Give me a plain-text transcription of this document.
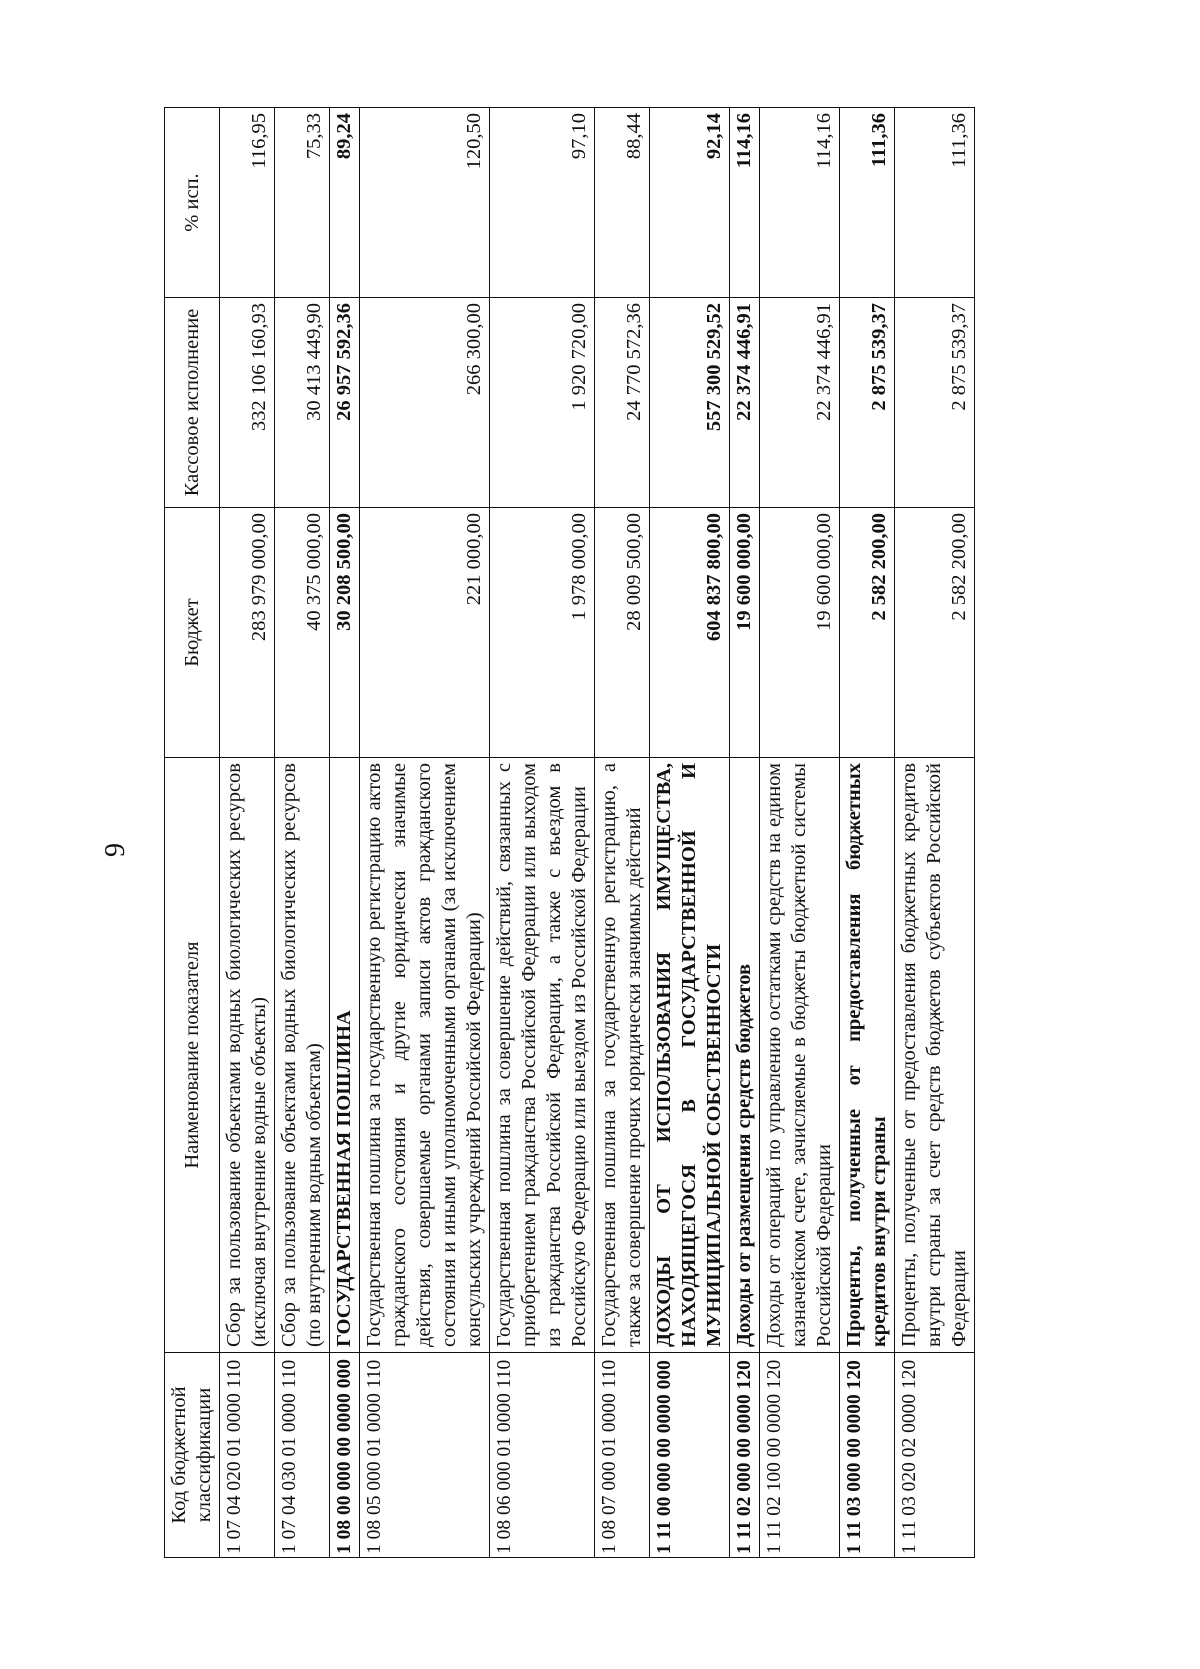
9
Код бюджетной классификации	Наименование показателя	Бюджет	Кассовое исполнение	% исп.
1 07 04 020 01 0000 110	Сбор за пользование объектами водных биологических ресурсов (исключая внутренние водные объекты)	283 979 000,00	332 106 160,93	116,95
1 07 04 030 01 0000 110	Сбор за пользование объектами водных биологических ресурсов (по внутренним водным объектам)	40 375 000,00	30 413 449,90	75,33
1 08 00 000 00 0000 000	ГОСУДАРСТВЕННАЯ ПОШЛИНА	30 208 500,00	26 957 592,36	89,24
1 08 05 000 01 0000 110	Государственная пошлина за государственную регистрацию актов гражданского состояния и другие юридически значимые действия, совершаемые органами записи актов гражданского состояния и иными уполномоченными органами (за исключением консульских учреждений Российской Федерации)	221 000,00	266 300,00	120,50
1 08 06 000 01 0000 110	Государственная пошлина за совершение действий, связанных с приобретением гражданства Российской Федерации или выходом из гражданства Российской Федерации, а также с въездом в Российскую Федерацию или выездом из Российской Федерации	1 978 000,00	1 920 720,00	97,10
1 08 07 000 01 0000 110	Государственная пошлина за государственную регистрацию, а также за совершение прочих юридически значимых действий	28 009 500,00	24 770 572,36	88,44
1 11 00 000 00 0000 000	ДОХОДЫ ОТ ИСПОЛЬЗОВАНИЯ ИМУЩЕСТВА, НАХОДЯЩЕГОСЯ В ГОСУДАРСТВЕННОЙ И МУНИЦИПАЛЬНОЙ СОБСТВЕННОСТИ	604 837 800,00	557 300 529,52	92,14
1 11 02 000 00 0000 120	Доходы от размещения средств бюджетов	19 600 000,00	22 374 446,91	114,16
1 11 02 100 00 0000 120	Доходы от операций по управлению остатками средств на едином казначейском счете, зачисляемые в бюджеты бюджетной системы Российской Федерации	19 600 000,00	22 374 446,91	114,16
1 11 03 000 00 0000 120	Проценты, полученные от предоставления бюджетных кредитов внутри страны	2 582 200,00	2 875 539,37	111,36
1 11 03 020 02 0000 120	Проценты, полученные от предоставления бюджетных кредитов внутри страны за счет средств бюджетов субъектов Российской Федерации	2 582 200,00	2 875 539,37	111,36
